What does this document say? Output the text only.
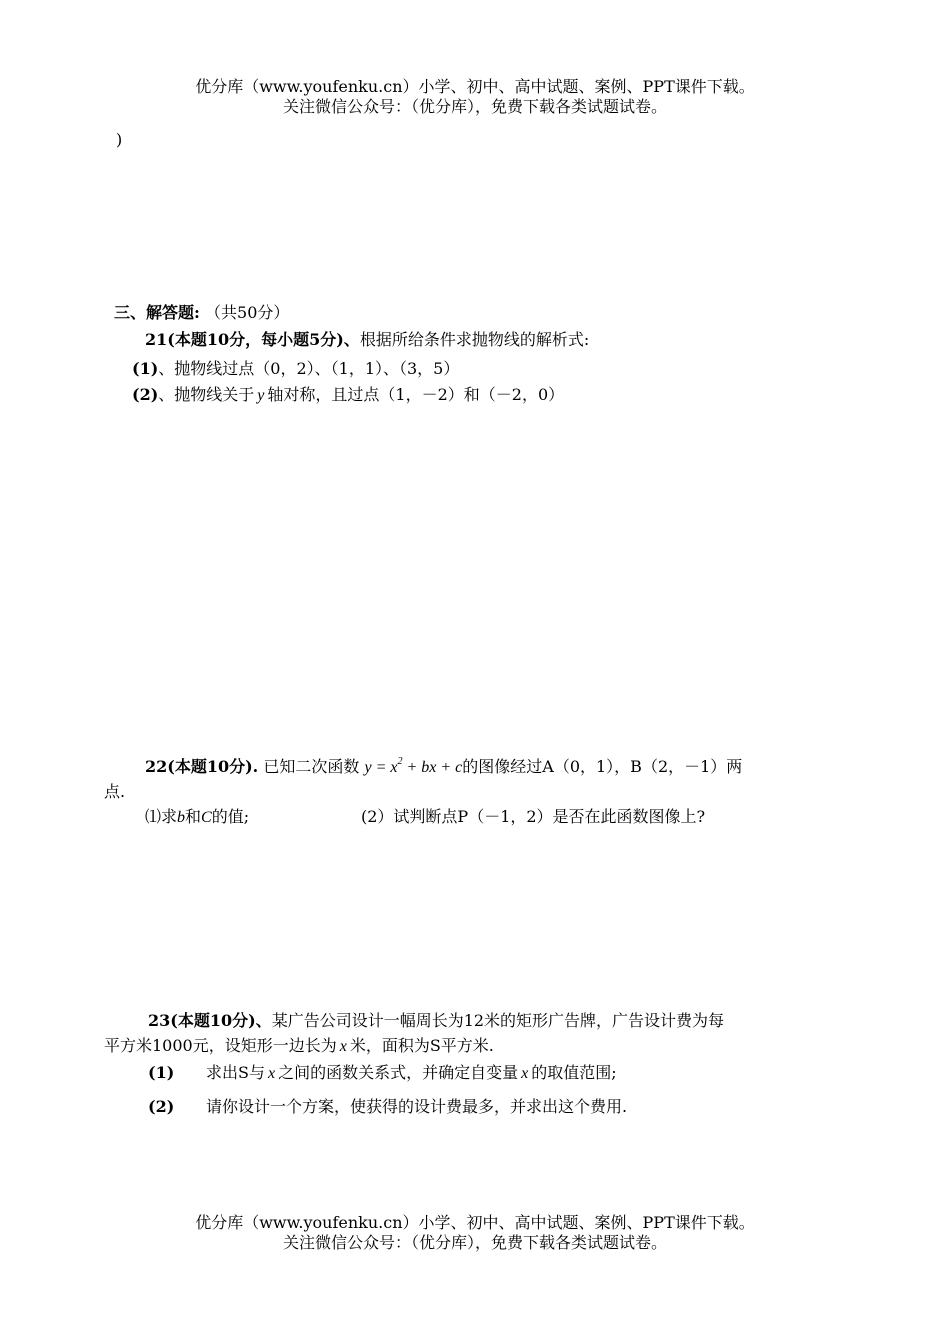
优分库（www.youfenku.cn）小学、初中、高中试题、案例、PPT课件下载。
关注微信公众号：（优分库），免费下载各类试题试卷。
)
三、解答题: （共50分）
21(本题10分，每小题5分)、根据所给条件求抛物线的解析式:
(1)、抛物线过点（0，2）、（1，1）、（3，5）
(2)、抛物线关于 y 轴对称，且过点（1，－2）和（－2，0）
22(本题10分). 已知二次函数 $y = x^2$ + bx + c的图像经过A（0，1），B（2，－1）两
点.
⑴求b和C的值;	(2）试判断点P（－1，2）是否在此函数图像上?
23(本题10分)、某广告公司设计一幅周长为12米的矩形广告牌，广告设计费为每
平方米1000元，设矩形一边长为 x 米，面积为S平方米.
(1) 求出S与 x 之间的函数关系式，并确定自变量 x 的取值范围;
(2) 请你设计一个方案，使获得的设计费最多，并求出这个费用.
优分库（www.youfenku.cn）小学、初中、高中试题、案例、PPT课件下载。
关注微信公众号：（优分库），免费下载各类试题试卷。
